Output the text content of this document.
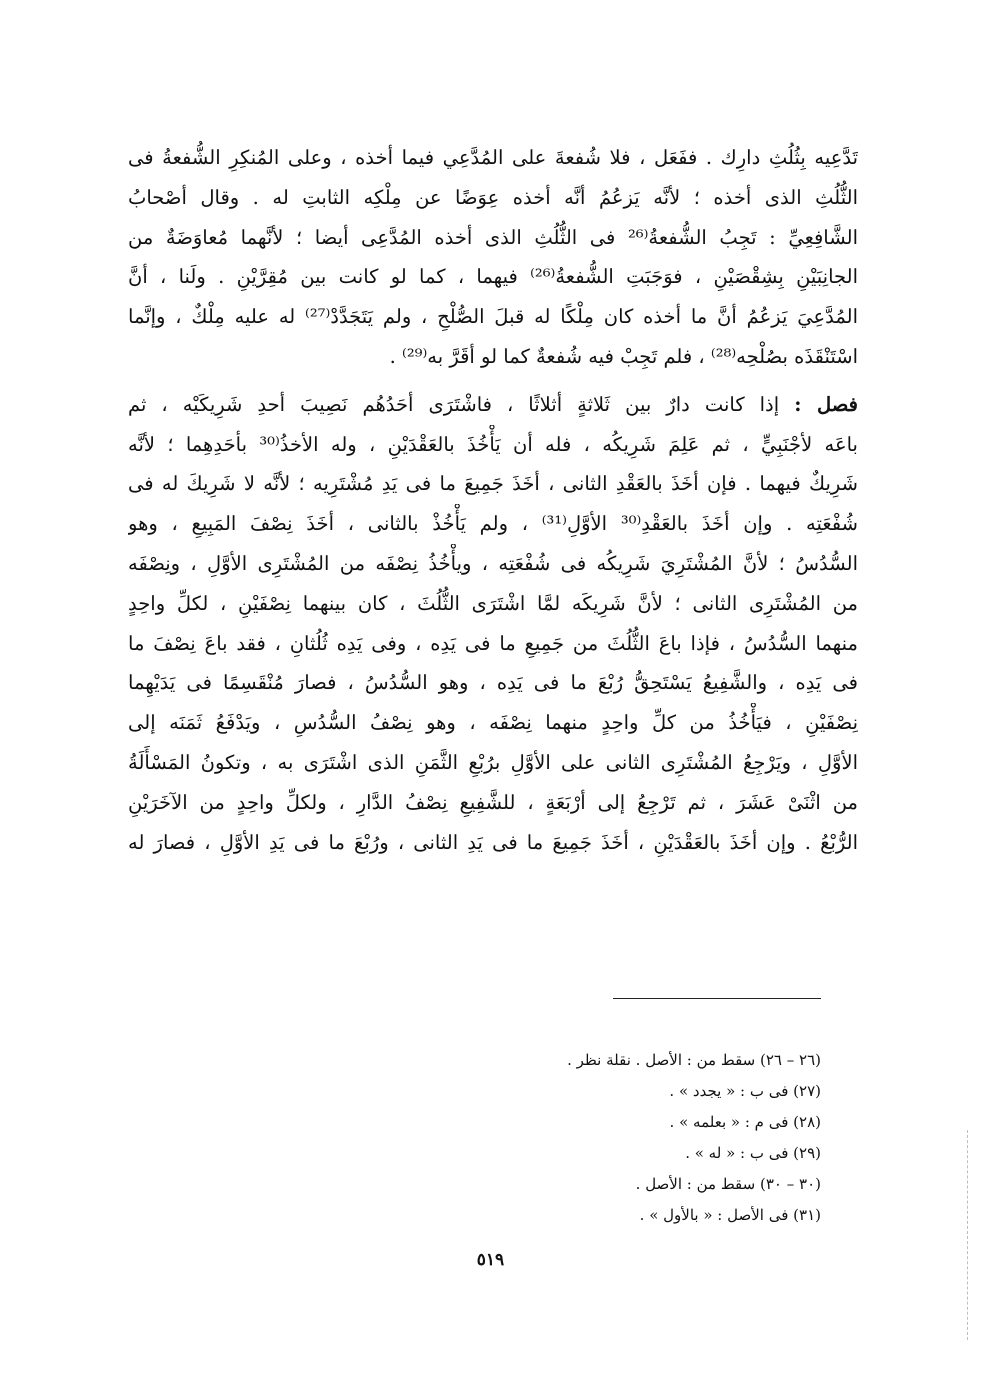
تَدَّعِيه بِثُلُثِ دارِك . ففَعَل ، فلا شُفعةَ على المُدَّعِي فيما أخذه ، وعلى المُنكِرِ الشُّفعةُ فى
الثُّلُثِ الذى أخذه ؛ لأنَّه يَزعُمُ أنَّه أخذه عِوَضًا عن مِلْكِه الثابتِ له . وقال أصْحابُ
الشَّافِعِيِّ : تَجِبُ الشُّفعةُ⁽²⁶ فى الثُّلُثِ الذى أخذه المُدَّعِى أيضا ؛ لأنَّهما مُعاوَضَةٌ من
الجانِبَيْنِ بِشِقْصَيْنِ ، فوَجَبَتِ الشُّفعةُ⁽²⁶⁾ فيهما ، كما لو كانت بين مُقِرَّيْنِ . ولَنا ، أنَّ
المُدَّعِيَ يَزعُمُ أنَّ ما أخذه كان مِلْكًا له قبلَ الصُّلْحِ ، ولم يَتَجَدَّدْ⁽²⁷⁾ له عليه مِلْكٌ ، وإنَّما
اسْتَنْقَذَه بصُلْحِه⁽²⁸⁾ ، فلم تَجِبْ فيه شُفعةٌ كما لو أقَرَّ به⁽²⁹⁾ .
فصل : إذا كانت دارٌ بين ثَلاثةٍ أثلاثًا ، فاشْتَرَى أحَدُهُم نَصِيبَ أحدِ شَرِيكَيْه ، ثم
باعَه لأجْنَبِيٍّ ، ثم عَلِمَ شَرِيكُه ، فله أن يَأْخُذَ بالعَقْدَيْنِ ، وله الأخذُ⁽³⁰ بأحَدِهِما ؛ لأنَّه
شَرِيكٌ فيهما . فإن أخَذَ بالعَقْدِ الثانى ، أخَذَ جَمِيعَ ما فى يَدِ مُشْتَرِيه ؛ لأنَّه لا شَرِيكَ له فى
شُفْعَتِه . وإن أخَذَ بالعَقْدِ⁽³⁰ الأوَّلِ⁽³¹⁾ ، ولم يَأْخُذْ بالثانى ، أخَذَ نِصْفَ المَبِيعِ ، وهو
السُّدُسُ ؛ لأنَّ المُشْتَرِيَ شَرِيكُه فى شُفْعَتِه ، ويأْخُذُ نِصْفَه من المُشْتَرِى الأوَّلِ ، ونِصْفَه
من المُشْتَرِى الثانى ؛ لأنَّ شَرِيكَه لمَّا اشْتَرَى الثُّلُثَ ، كان بينهما نِصْفَيْنِ ، لكلِّ واحِدٍ
منهما السُّدُسُ ، فإذا باعَ الثُّلُثَ من جَمِيعِ ما فى يَدِه ، وفى يَدِه ثُلُثانِ ، فقد باعَ نِصْفَ ما
فى يَدِه ، والشَّفِيعُ يَسْتَحِقُّ رُبْعَ ما فى يَدِه ، وهو السُّدُسُ ، فصارَ مُنْقَسِمًا فى يَدَيْهِما
نِصْفَيْنِ ، فيَأْخُذُ من كلِّ واحِدٍ منهما نِصْفَه ، وهو نِصْفُ السُّدُسِ ، ويَدْفَعُ ثَمَنَه إلى
الأوَّلِ ، ويَرْجِعُ المُشْتَرِى الثانى على الأوَّلِ برُبْعِ الثَّمَنِ الذى اشْتَرَى به ، وتكونُ المَسْأَلَةُ
من اثْنَىْ عَشَرَ ، ثم تَرْجِعُ إلى أرْبَعَةٍ ، للشَّفِيعِ نِصْفُ الدَّارِ ، ولكلِّ واحِدٍ من الآخَرَيْنِ
الرُّبْعُ . وإن أخَذَ بالعَقْدَيْنِ ، أخَذَ جَمِيعَ ما فى يَدِ الثانى ، ورُبْعَ ما فى يَدِ الأوَّلِ ، فصارَ له
(٢٦ – ٢٦) سقط من : الأصل . نقلة نظر .
(٢٧) فى ب : « يجدد » .
(٢٨) فى م : « بعلمه » .
(٢٩) فى ب : « له » .
(٣٠ – ٣٠) سقط من : الأصل .
(٣١) فى الأصل : « بالأول » .
٥١٩
